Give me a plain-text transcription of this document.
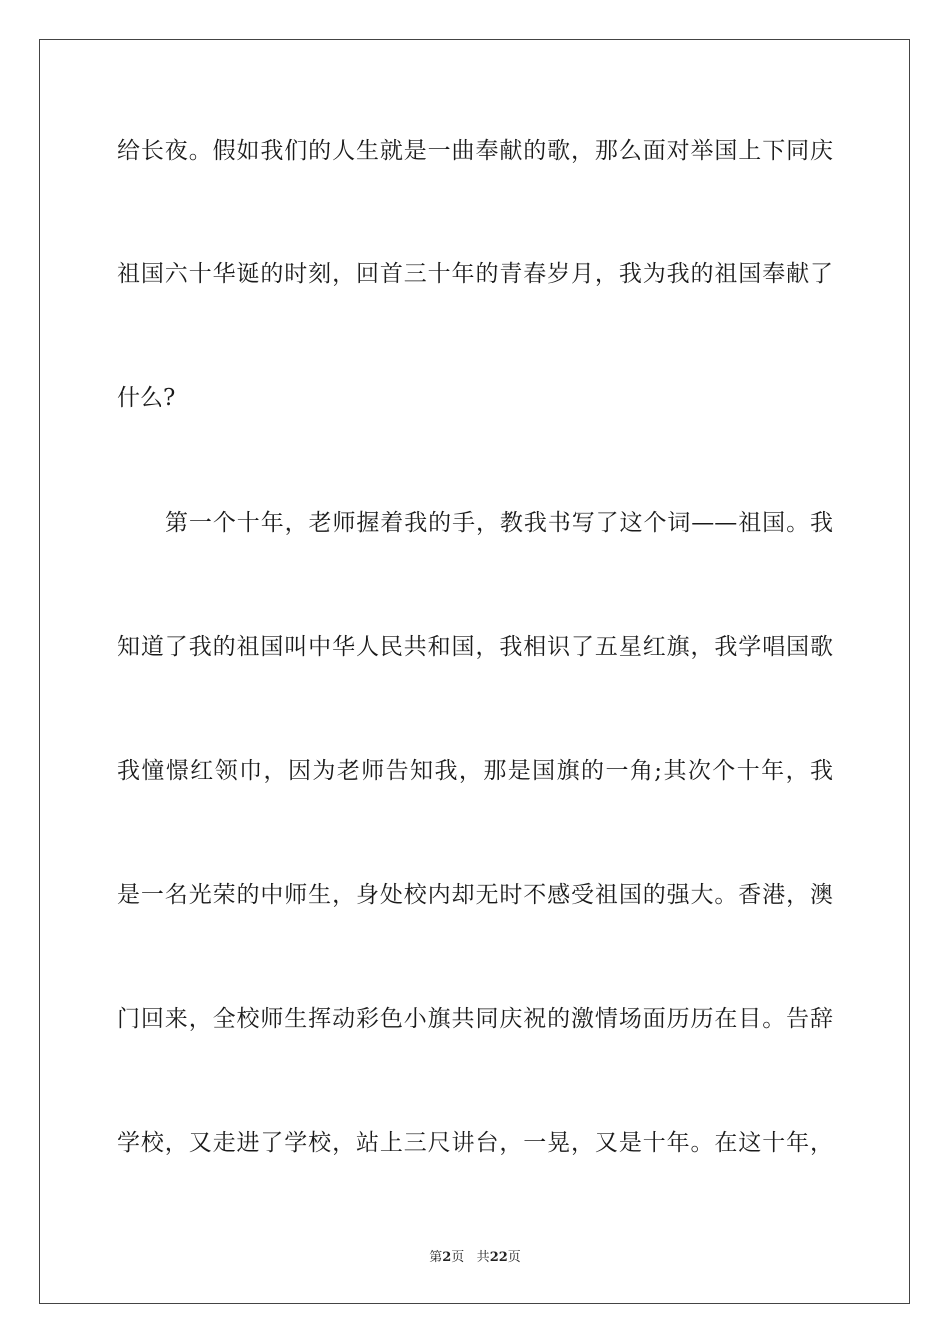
给长夜。假如我们的人生就是一曲奉献的歌，那么面对举国上下同庆
祖国六十华诞的时刻，回首三十年的青春岁月，我为我的祖国奉献了
什么?
第一个十年，老师握着我的手，教我书写了这个词——祖国。我
知道了我的祖国叫中华人民共和国，我相识了五星红旗，我学唱国歌
我憧憬红领巾，因为老师告知我，那是国旗的一角;其次个十年，我
是一名光荣的中师生，身处校内却无时不感受祖国的强大。香港，澳
门回来，全校师生挥动彩色小旗共同庆祝的激情场面历历在目。告辞
学校，又走进了学校，站上三尺讲台，一晃，又是十年。在这十年，
第2页 共22页
